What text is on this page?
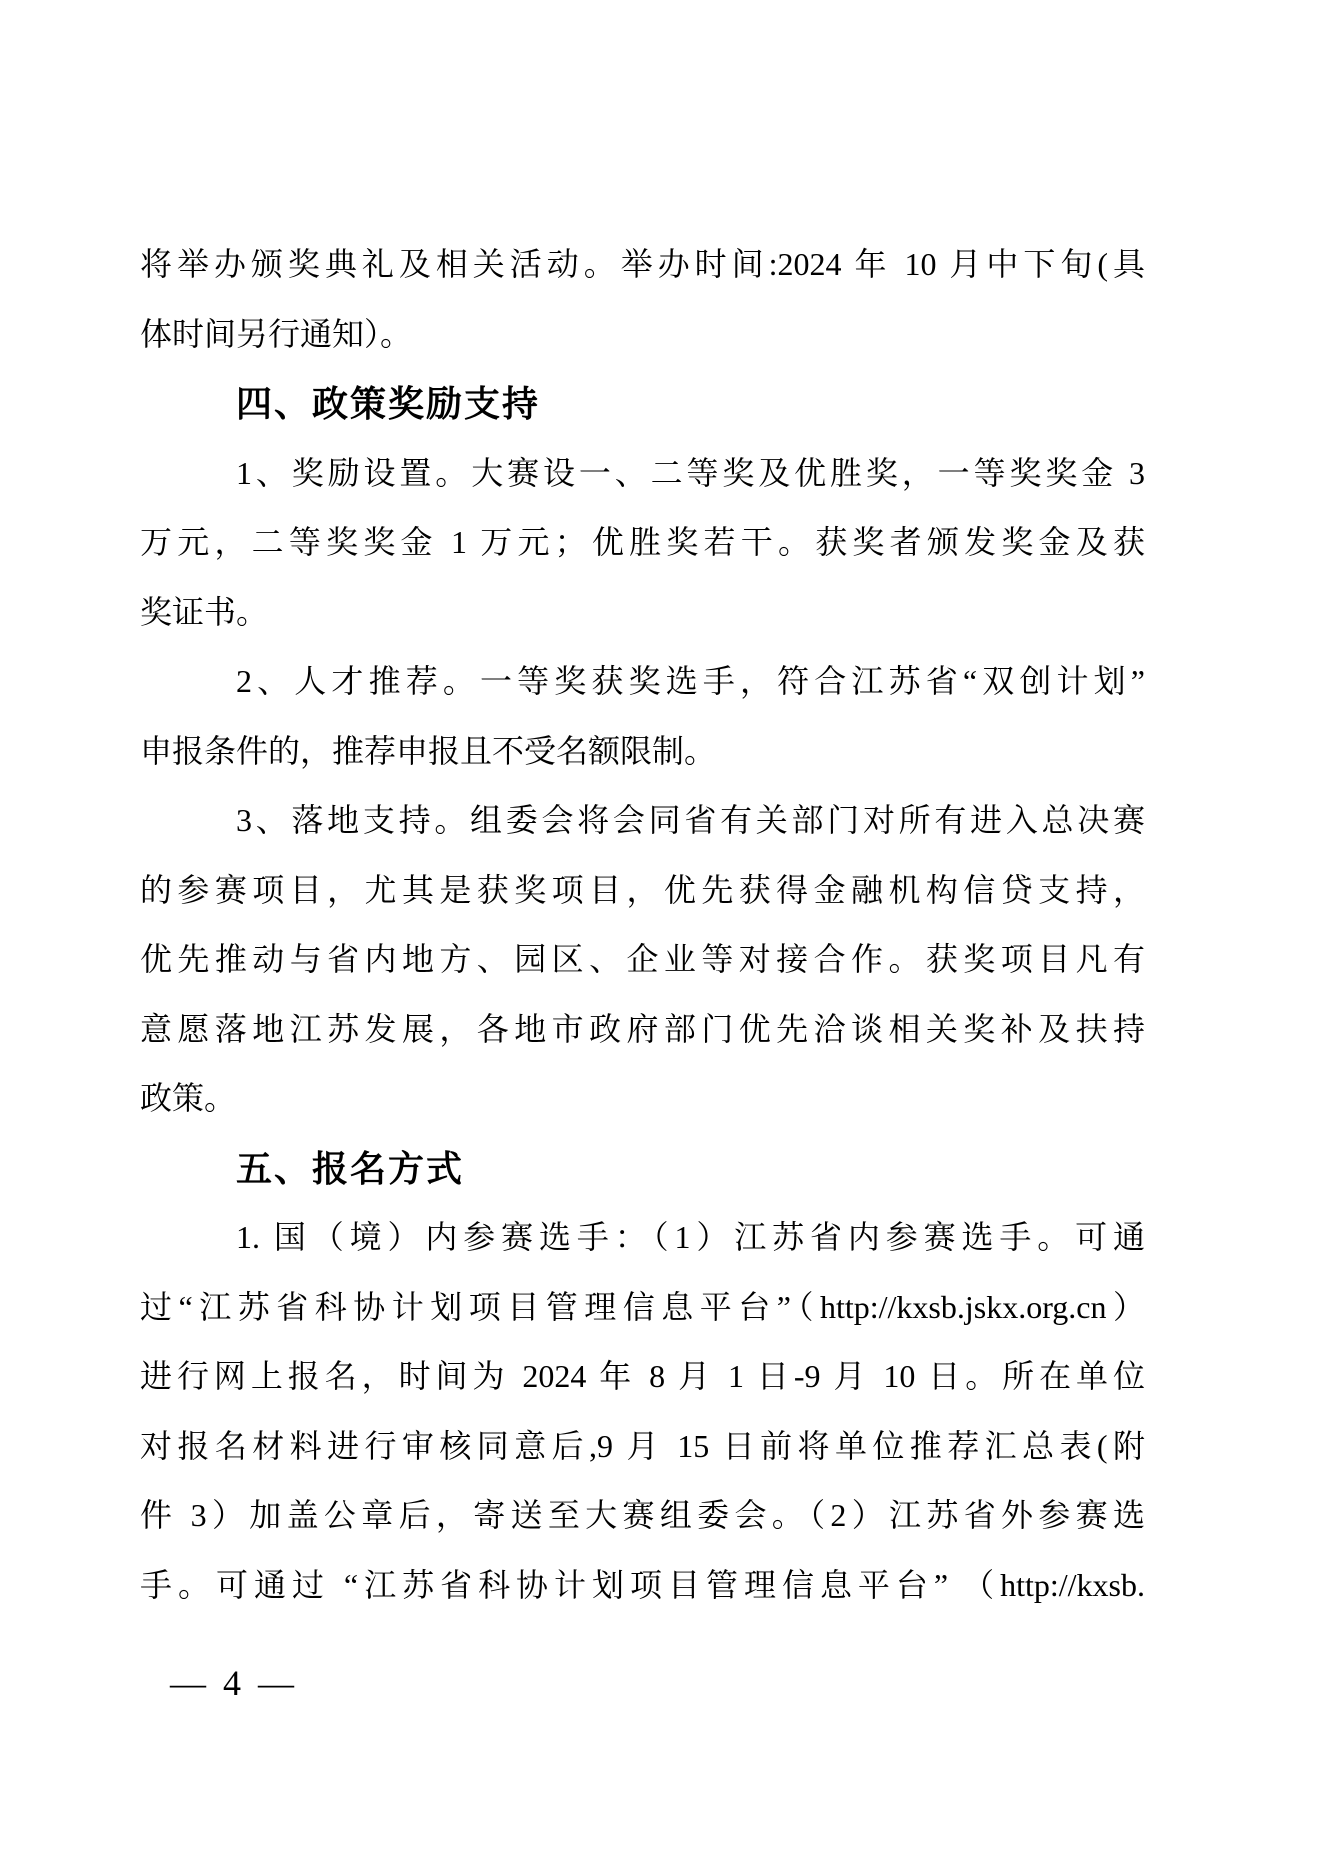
将举办颁奖典礼及相关活动。举办时间:2024 年 10 月中下旬(具
体时间另行通知）。
四、政策奖励支持
1、奖励设置。大赛设一、二等奖及优胜奖，一等奖奖金 3
万元，二等奖奖金 1 万元；优胜奖若干。获奖者颁发奖金及获
奖证书。
2、人才推荐。一等奖获奖选手，符合江苏省“双创计划”
申报条件的，推荐申报且不受名额限制。
3、落地支持。组委会将会同省有关部门对所有进入总决赛
的参赛项目，尤其是获奖项目，优先获得金融机构信贷支持，
优先推动与省内地方、园区、企业等对接合作。获奖项目凡有
意愿落地江苏发展，各地市政府部门优先洽谈相关奖补及扶持
政策。
五、报名方式
1. 国（境）内参赛选手：（1）江苏省内参赛选手。可通
过“江苏省科协计划项目管理信息平台”（http://kxsb.jskx.org.cn）
进行网上报名，时间为 2024 年 8 月 1 日-9 月 10 日。所在单位
对报名材料进行审核同意后,9 月 15 日前将单位推荐汇总表(附
件 3）加盖公章后，寄送至大赛组委会。（2）江苏省外参赛选
手。可通过 “江苏省科协计划项目管理信息平台” （http://kxsb.
— 4 —
